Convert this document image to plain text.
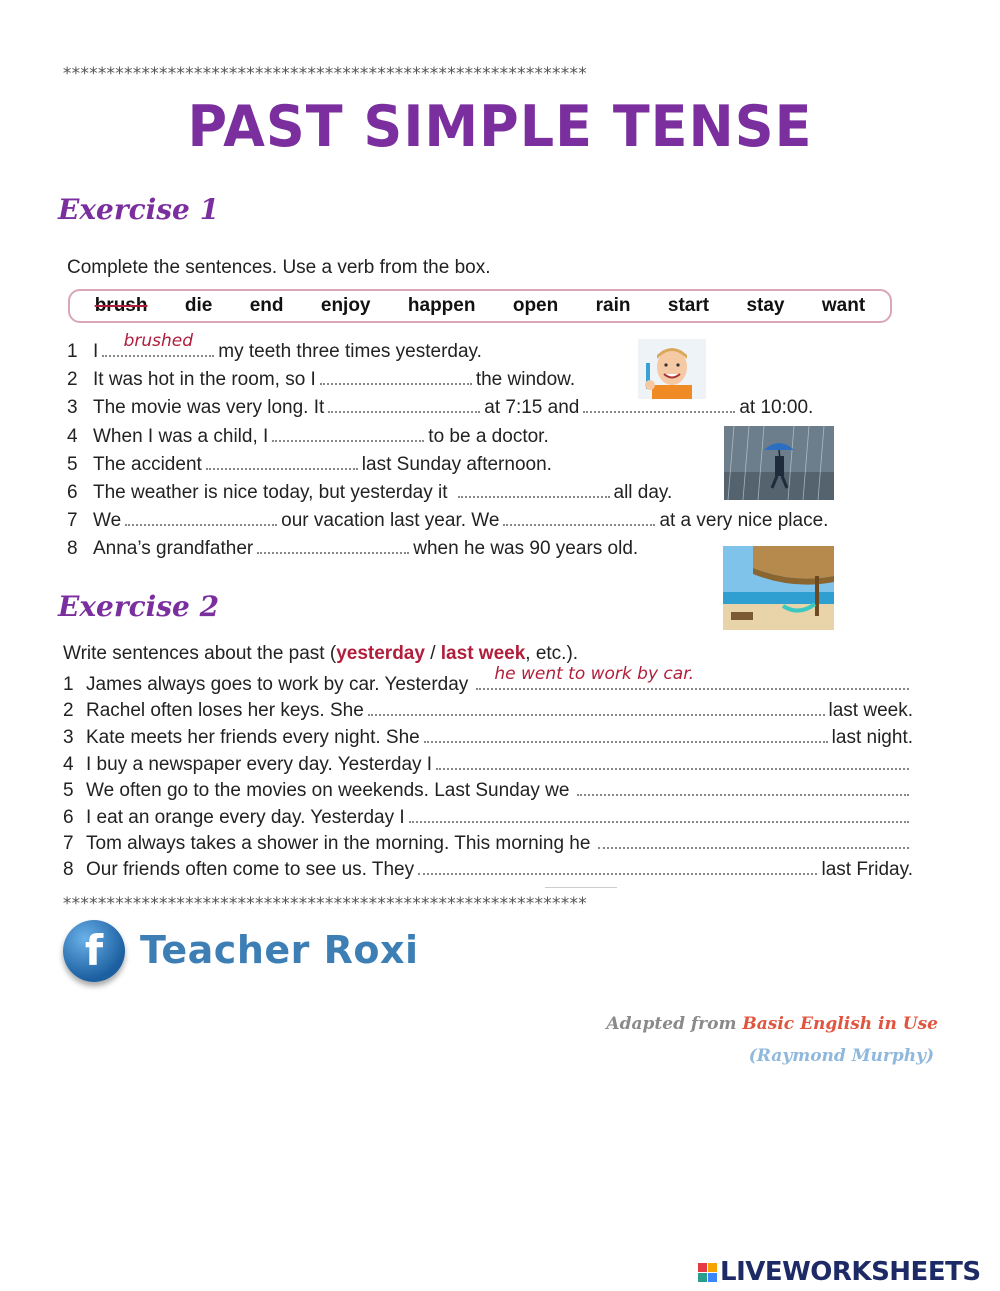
************************************************************
PAST SIMPLE TENSE
Exercise 1
Complete the sentences. Use a verb from the box.
brush die end enjoy happen open rain start stay want
1 I	brushed	my teeth three times yesterday.
2 It was hot in the room, so I	the window.
3 The movie was very long. It	at 7:15 and	at 10:00.
4 When I was a child, I	to be a doctor.
5 The accident	last Sunday afternoon.
6 The weather is nice today, but yesterday it	all day.
7 We	our vacation last year. We	at a very nice place.
8 Anna’s grandfather	when he was 90 years old.
Exercise 2
Write sentences about the past (yesterday / last week, etc.).
1 James always goes to work by car. Yesterday he went to work by car.
2 Rachel often loses her keys. She	last week.
3 Kate meets her friends every night. She	last night.
4 I buy a newspaper every day. Yesterday I
5 We often go to the movies on weekends. Last Sunday we
6 I eat an orange every day. Yesterday I
7 Tom always takes a shower in the morning. This morning he
8 Our friends often come to see us. They	last Friday.
************************************************************
f Teacher Roxi
Adapted from Basic English in Use
(Raymond Murphy)
LIVEWORKSHEETS
